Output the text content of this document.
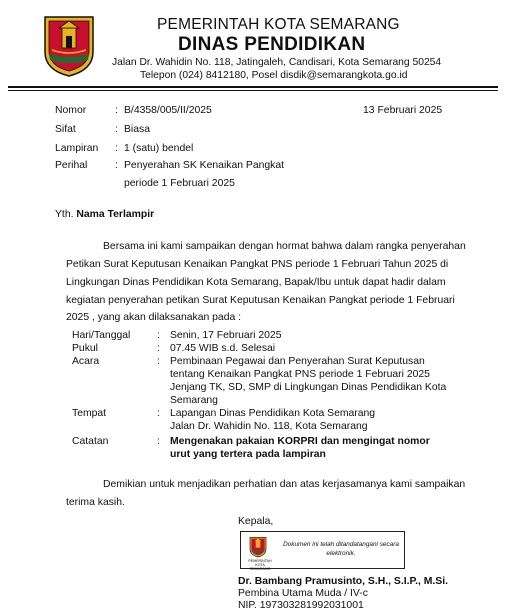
PEMERINTAH KOTA SEMARANG
DINAS PENDIDIKAN
Jalan Dr. Wahidin No. 118, Jatingaleh, Candisari, Kota Semarang 50254
Telepon (024) 8412180, Posel disdik@semarangkota.go.id
Nomor	: B/4358/005/II/2025	13 Februari 2025
Sifat	: Biasa
Lampiran : 1 (satu) bendel
Perihal	: Penyerahan SK Kenaikan Pangkat
periode 1 Februari 2025
Yth. Nama Terlampir
Bersama ini kami sampaikan dengan hormat bahwa dalam rangka penyerahan
Petikan Surat Keputusan Kenaikan Pangkat PNS periode 1 Februari Tahun 2025 di
Lingkungan Dinas Pendidikan Kota Semarang, Bapak/Ibu untuk dapat hadir dalam
kegiatan penyerahan petikan Surat Keputusan Kenaikan Pangkat periode 1 Februari
2025 , yang akan dilaksanakan pada :
Hari/Tanggal	: Senin, 17 Februari 2025
Pukul	: 07.45 WIB s.d. Selesai
Acara	: Pembinaan Pegawai dan Penyerahan Surat Keputusan
tentang Kenaikan Pangkat PNS periode 1 Februari 2025
Jenjang TK, SD, SMP di Lingkungan Dinas Pendidikan Kota
Semarang
Tempat	: Lapangan Dinas Pendidikan Kota Semarang
Jalan Dr. Wahidin No. 118, Kota Semarang
Catatan	: Mengenakan pakaian KORPRI dan mengingat nomor
urut yang tertera pada lampiran
Demikian untuk menjadikan perhatian dan atas kerjasamanya kami sampaikan
terima kasih.
Kepala,
PEMERINTAH
KOTA SEMARANG
Dokumen ini telah ditandatangani secara elektronik.
Dr. Bambang Pramusinto, S.H., S.I.P., M.Si.
Pembina Utama Muda / IV-c
NIP. 197303281992031001
